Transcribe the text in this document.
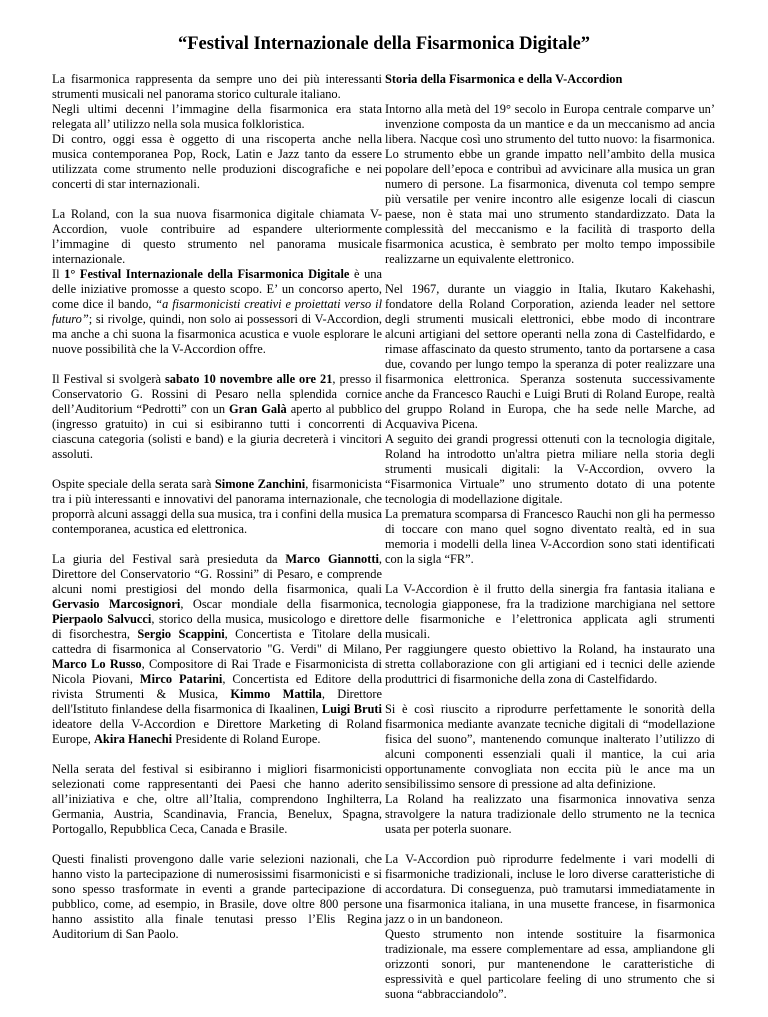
“Festival Internazionale della Fisarmonica Digitale”

La fisarmonica rappresenta da sempre uno dei più interessanti strumenti musicali nel panorama storico culturale italiano.

Negli ultimi decenni l’immagine della fisarmonica era stata relegata all’ utilizzo nella sola musica folkloristica.

Di contro, oggi essa è oggetto di una riscoperta anche nella musica contemporanea Pop, Rock, Latin e Jazz tanto da essere utilizzata come strumento nelle produzioni discografiche e nei concerti di star internazionali.

La Roland, con la sua nuova fisarmonica digitale chiamata V-Accordion, vuole contribuire ad espandere ulteriormente l’immagine di questo strumento nel panorama musicale internazionale.

Il 1° Festival Internazionale della Fisarmonica Digitale è una delle iniziative promosse a questo scopo. E’ un concorso aperto, come dice il bando, “a fisarmonicisti creativi e proiettati verso il futuro”; si rivolge, quindi, non solo ai possessori di V-Accordion, ma anche a chi suona la fisarmonica acustica e vuole esplorare le nuove possibilità che la V-Accordion offre.

Il Festival si svolgerà sabato 10 novembre alle ore 21, presso il Conservatorio G. Rossini di Pesaro nella splendida cornice dell’Auditorium “Pedrotti” con un Gran Galà aperto al pubblico (ingresso gratuito) in cui si esibiranno tutti i concorrenti di ciascuna categoria (solisti e band) e la giuria decreterà i vincitori assoluti.

Ospite speciale della serata sarà Simone Zanchini, fisarmonicista tra i più interessanti e innovativi del panorama internazionale, che proporrà alcuni assaggi della sua musica, tra i confini della musica contemporanea, acustica ed elettronica.

La giuria del Festival sarà presieduta da Marco Giannotti, Direttore del Conservatorio “G. Rossini” di Pesaro, e comprende alcuni nomi prestigiosi del mondo della fisarmonica, quali Gervasio Marcosignori, Oscar mondiale della fisarmonica, Pierpaolo Salvucci, storico della musica, musicologo e direttore di fisorchestra, Sergio Scappini, Concertista e Titolare della cattedra di fisarmonica al Conservatorio "G. Verdi" di Milano, Marco Lo Russo, Compositore di Rai Trade e Fisarmonicista di Nicola Piovani, Mirco Patarini, Concertista ed Editore della rivista Strumenti & Musica, Kimmo Mattila, Direttore dell'Istituto finlandese della fisarmonica di Ikaalinen, Luigi Bruti ideatore della V-Accordion e Direttore Marketing di Roland Europe, Akira Hanechi Presidente di Roland Europe.

Nella serata del festival si esibiranno i migliori fisarmonicisti selezionati come rappresentanti dei Paesi che hanno aderito all’iniziativa e che, oltre all’Italia, comprendono Inghilterra, Germania, Austria, Scandinavia, Francia, Benelux, Spagna, Portogallo, Repubblica Ceca, Canada e Brasile.

Questi finalisti provengono dalle varie selezioni nazionali, che hanno visto la partecipazione di numerosissimi fisarmonicisti e si sono spesso trasformate in eventi a grande partecipazione di pubblico, come, ad esempio, in Brasile, dove oltre 800 persone hanno assistito alla finale tenutasi presso l’Elis Regina Auditorium di San Paolo.

Storia della Fisarmonica e della V-Accordion

Intorno alla metà del 19° secolo in Europa centrale comparve un’ invenzione composta da un mantice e da un meccanismo ad ancia libera. Nacque così uno strumento del tutto nuovo: la fisarmonica. Lo strumento ebbe un grande impatto nell’ambito della musica popolare dell’epoca e contribuì ad avvicinare alla musica un gran numero di persone. La fisarmonica, divenuta col tempo sempre più versatile per venire incontro alle esigenze locali di ciascun paese, non è stata mai uno strumento standardizzato. Data la complessità del meccanismo e la facilità di trasporto della fisarmonica acustica, è sembrato per molto tempo impossibile realizzarne un equivalente elettronico.

Nel 1967, durante un viaggio in Italia, Ikutaro Kakehashi, fondatore della Roland Corporation, azienda leader nel settore degli strumenti musicali elettronici, ebbe modo di incontrare alcuni artigiani del settore operanti nella zona di Castelfidardo, e rimase affascinato da questo strumento, tanto da portarsene a casa due, covando per lungo tempo la speranza di poter realizzare una fisarmonica elettronica. Speranza sostenuta successivamente anche da Francesco Rauchi e Luigi Bruti di Roland Europe, realtà del gruppo Roland in Europa, che ha sede nelle Marche, ad Acquaviva Picena.

A seguito dei grandi progressi ottenuti con la tecnologia digitale, Roland ha introdotto un'altra pietra miliare nella storia degli strumenti musicali digitali: la V-Accordion, ovvero la “Fisarmonica Virtuale” uno strumento dotato di una potente tecnologia di modellazione digitale.

La prematura scomparsa di Francesco Rauchi non gli ha permesso di toccare con mano quel sogno diventato realtà, ed in sua memoria i modelli della linea V-Accordion sono stati identificati con la sigla “FR”.

La V-Accordion è il frutto della sinergia fra fantasia italiana e tecnologia giapponese, fra la tradizione marchigiana nel settore delle fisarmoniche e l’elettronica applicata agli strumenti musicali.

Per raggiungere questo obiettivo la Roland, ha instaurato una stretta collaborazione con gli artigiani ed i tecnici delle aziende produttrici di fisarmoniche della zona di Castelfidardo.

Si è così riuscito a riprodurre perfettamente le sonorità della fisarmonica mediante avanzate tecniche digitali di “modellazione fisica del suono”, mantenendo comunque inalterato l’utilizzo di alcuni componenti essenziali quali il mantice, la cui aria opportunamente convogliata non eccita più le ance ma un sensibilissimo sensore di pressione ad alta definizione.

La Roland ha realizzato una fisarmonica innovativa senza stravolgere la natura tradizionale dello strumento ne la tecnica usata per poterla suonare.

La V-Accordion può riprodurre fedelmente i vari modelli di fisarmoniche tradizionali, incluse le loro diverse caratteristiche di accordatura. Di conseguenza, può tramutarsi immediatamente in una fisarmonica italiana, in una musette francese, in fisarmonica jazz o in un bandoneon.

Questo strumento non intende sostituire la fisarmonica tradizionale, ma essere complementare ad essa, ampliandone gli orizzonti sonori, pur mantenendone le caratteristiche di espressività e quel particolare feeling di uno strumento che si suona “abbracciandolo”.
